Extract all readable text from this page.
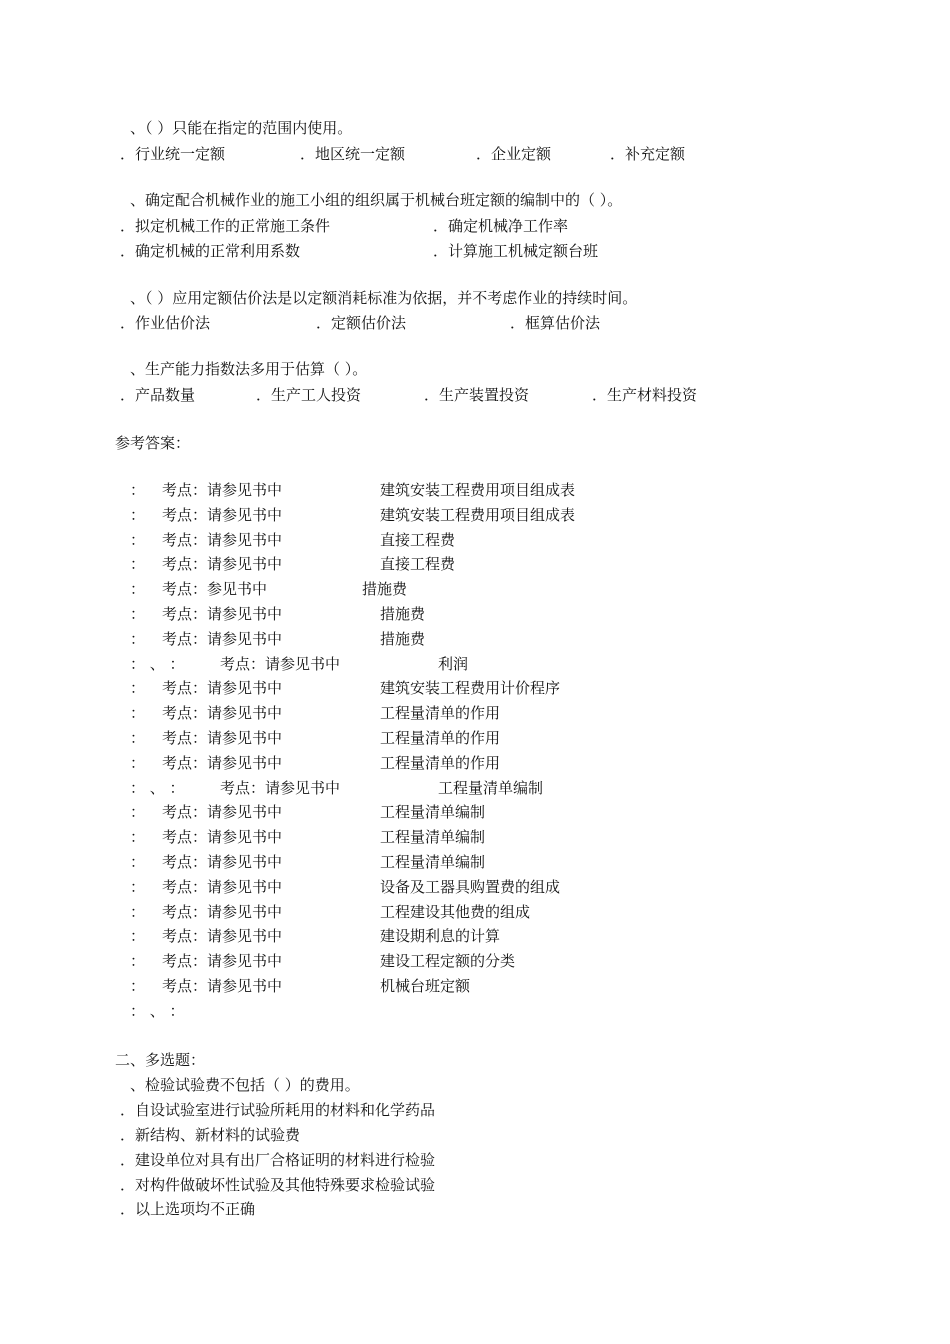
、（ ）只能在指定的范围内使用。
．行业统一定额	．地区统一定额	．企业定额	．补充定额
、确定配合机械作业的施工小组的组织属于机械台班定额的编制中的（ ）。
．拟定机械工作的正常施工条件	．确定机械净工作率
．确定机械的正常利用系数	．计算施工机械定额台班
、（ ）应用定额估价法是以定额消耗标准为依据，并不考虑作业的持续时间。
．作业估价法	．定额估价法	．框算估价法
、生产能力指数法多用于估算（ ）。
．产品数量	．生产工人投资	．生产装置投资	．生产材料投资
参考答案：
： 考点：请参见书中	建筑安装工程费用项目组成表
： 考点：请参见书中	建筑安装工程费用项目组成表
： 考点：请参见书中	直接工程费
： 考点：请参见书中	直接工程费
： 考点：参见书中	措施费
： 考点：请参见书中	措施费
： 考点：请参见书中	措施费
： 、 ： 考点：请参见书中	利润
： 考点：请参见书中	建筑安装工程费用计价程序
： 考点：请参见书中	工程量清单的作用
： 考点：请参见书中	工程量清单的作用
： 考点：请参见书中	工程量清单的作用
： 、 ： 考点：请参见书中	工程量清单编制
： 考点：请参见书中	工程量清单编制
： 考点：请参见书中	工程量清单编制
： 考点：请参见书中	工程量清单编制
： 考点：请参见书中	设备及工器具购置费的组成
： 考点：请参见书中	工程建设其他费的组成
： 考点：请参见书中	建设期利息的计算
： 考点：请参见书中	建设工程定额的分类
： 考点：请参见书中	机械台班定额
： 、 ：
二、多选题：
、检验试验费不包括（ ）的费用。
．自设试验室进行试验所耗用的材料和化学药品
．新结构、新材料的试验费
．建设单位对具有出厂合格证明的材料进行检验
．对构件做破坏性试验及其他特殊要求检验试验
．以上选项均不正确
